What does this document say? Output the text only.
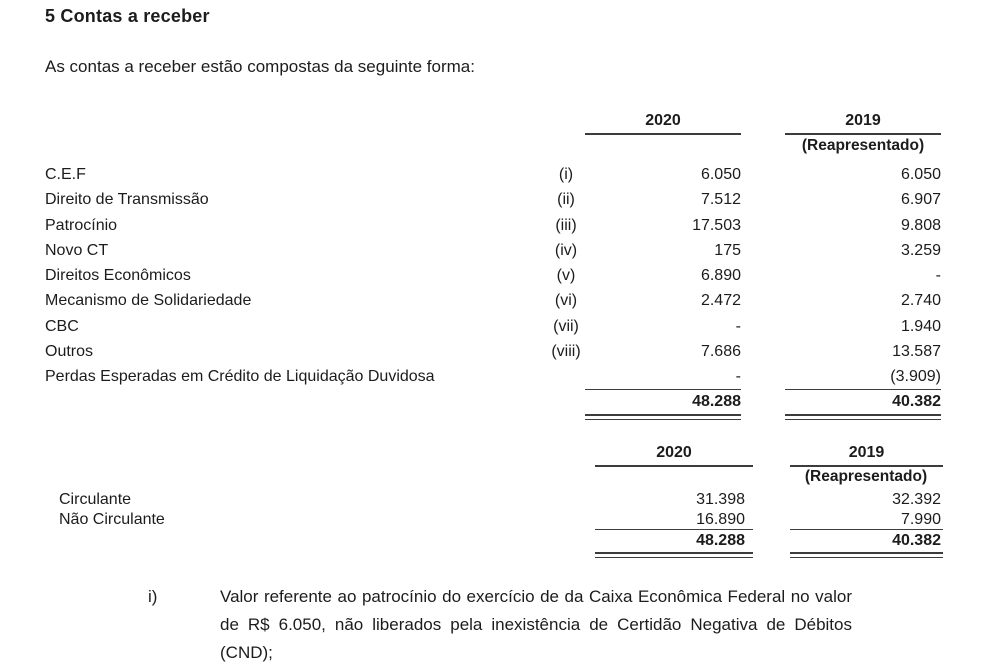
5 Contas a receber
As contas a receber estão compostas da seguinte forma:
2020	2019
(Reapresentado)
C.E.F	(i)	6.050	6.050
Direito de Transmissão	(ii)	7.512	6.907
Patrocínio	(iii)	17.503	9.808
Novo CT	(iv)	175	3.259
Direitos Econômicos	(v)	6.890	-
Mecanismo de Solidariedade	(vi)	2.472	2.740
CBC	(vii)	-	1.940
Outros	(viii)	7.686	13.587
Perdas Esperadas em Crédito de Liquidação Duvidosa	-	(3.909)
48.288	40.382
2020	2019
(Reapresentado)
Circulante	31.398	32.392
Não Circulante	16.890	7.990
48.288	40.382
i)	Valor referente ao patrocínio do exercício de da Caixa Econômica Federal no valor de R$ 6.050, não liberados pela inexistência de Certidão Negativa de Débitos (CND);
